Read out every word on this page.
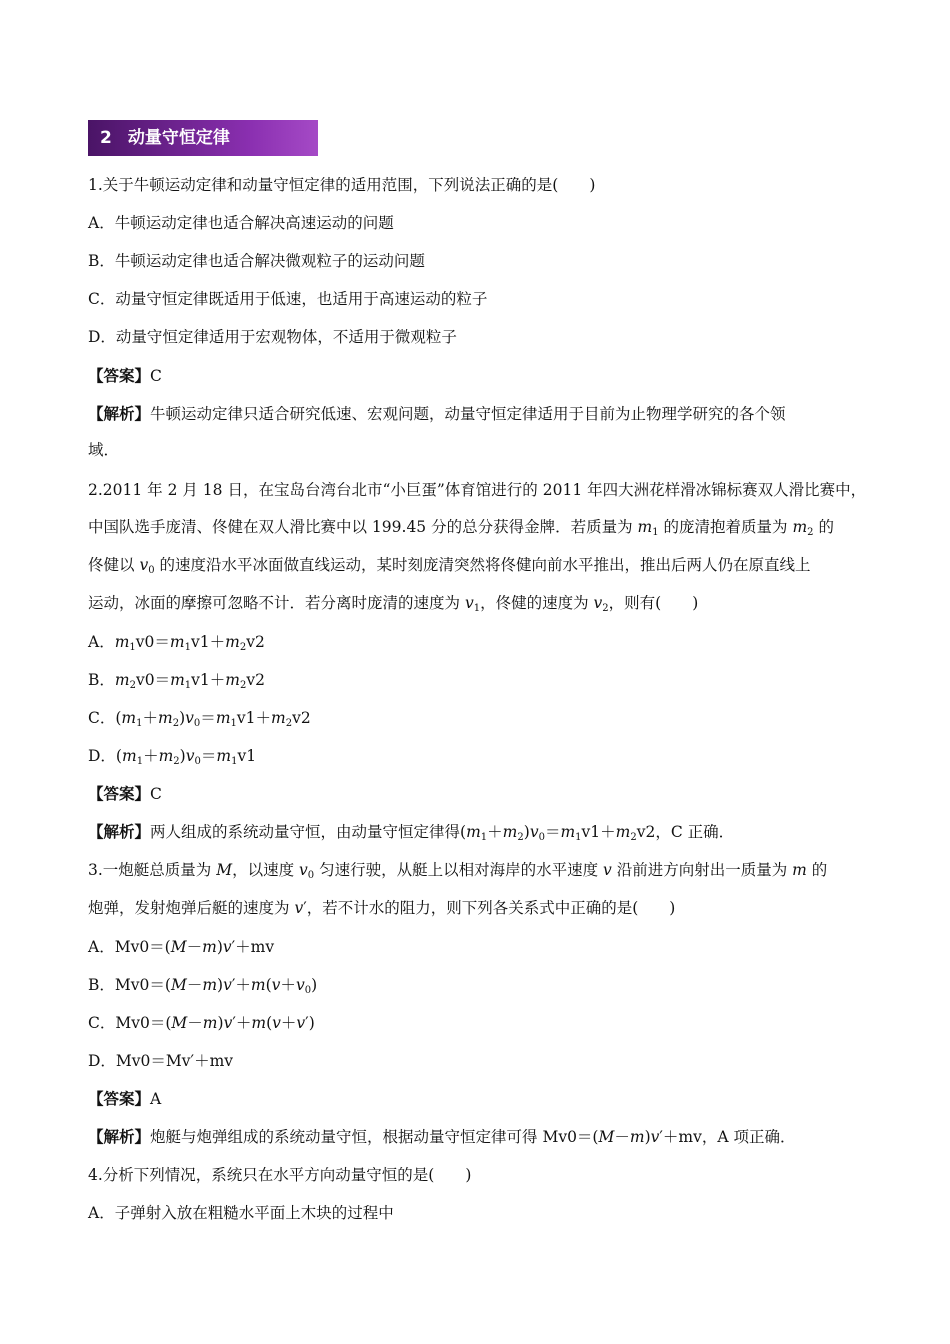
2 动量守恒定律
1.关于牛顿运动定律和动量守恒定律的适用范围，下列说法正确的是(　　)
A．牛顿运动定律也适合解决高速运动的问题
B．牛顿运动定律也适合解决微观粒子的运动问题
C．动量守恒定律既适用于低速，也适用于高速运动的粒子
D．动量守恒定律适用于宏观物体，不适用于微观粒子
【答案】C
【解析】牛顿运动定律只适合研究低速、宏观问题，动量守恒定律适用于目前为止物理学研究的各个领
域．
2.2011 年 2 月 18 日，在宝岛台湾台北市“小巨蛋”体育馆进行的 2011 年四大洲花样滑冰锦标赛双人滑比赛中，
中国队选手庞清、佟健在双人滑比赛中以 199.45 分的总分获得金牌．若质量为 $m_1$ 的庞清抱着质量为 $m_2$ 的
佟健以 $v_0$ 的速度沿水平冰面做直线运动，某时刻庞清突然将佟健向前水平推出，推出后两人仍在原直线上
运动，冰面的摩擦可忽略不计．若分离时庞清的速度为 $v_1$，佟健的速度为 $v_2$，则有(　　)
A．$m_1v0=m_1v1+m_2v2$
B．$m_2v0=m_1v1+m_2v2$
C．$(m_1+m_2)v_0=m_1v1+m_2v2$
D．$(m_1+m_2)v_0=m_1v1$
【答案】C
【解析】两人组成的系统动量守恒，由动量守恒定律得$(m_1+m_2)v_0=m_1v1+m_2v2$，C 正确．
3.一炮艇总质量为 M，以速度 $v_0$ 匀速行驶，从艇上以相对海岸的水平速度 v 沿前进方向射出一质量为 m 的
炮弹，发射炮弹后艇的速度为 v′，若不计水的阻力，则下列各关系式中正确的是(　　)
A．Mv0＝(M－m)v′＋mv
B．$Mv0=(M-m)v'+m(v+v_0)$
C．Mv0＝(M－m)v′＋m(v＋v′)
D．Mv0＝Mv′＋mv
【答案】A
【解析】炮艇与炮弹组成的系统动量守恒，根据动量守恒定律可得 Mv0＝(M－m)v′＋mv，A 项正确．
4.分析下列情况，系统只在水平方向动量守恒的是(　　)
A．子弹射入放在粗糙水平面上木块的过程中
